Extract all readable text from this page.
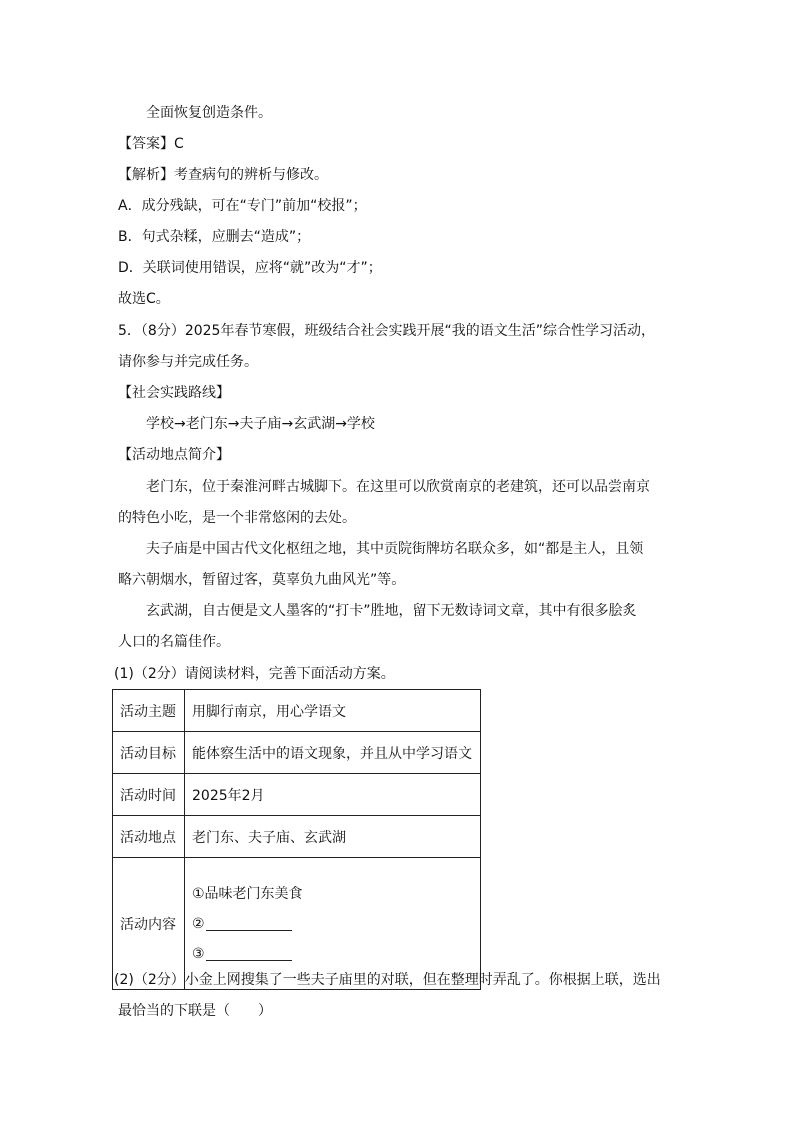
全面恢复创造条件。
【答案】C
【解析】考查病句的辨析与修改。
A．成分残缺，可在“专门”前加“校报”；
B．句式杂糅，应删去“造成”；
D．关联词使用错误，应将“就”改为“才”；
故选C。
5．（8分）2025年春节寒假，班级结合社会实践开展“我的语文生活”综合性学习活动，
请你参与并完成任务。
【社会实践路线】
学校→老门东→夫子庙→玄武湖→学校
【活动地点简介】
老门东，位于秦淮河畔古城脚下。在这里可以欣赏南京的老建筑，还可以品尝南京
的特色小吃，是一个非常悠闲的去处。
夫子庙是中国古代文化枢纽之地，其中贡院街牌坊名联众多，如“都是主人，且领
略六朝烟水，暂留过客，莫辜负九曲风光”等。
玄武湖，自古便是文人墨客的“打卡”胜地，留下无数诗词文章，其中有很多脍炙
人口的名篇佳作。
(1)（2分）请阅读材料，完善下面活动方案。
活动主题	用脚行南京，用心学语文
活动目标	能体察生活中的语文现象，并且从中学习语文
活动时间	2025年2月
活动地点	老门东、夫子庙、玄武湖
活动内容	①品味老门东美食
②
③
(2)（2分）小金上网搜集了一些夫子庙里的对联，但在整理时弄乱了。你根据上联，选出
最恰当的下联是（　　）
